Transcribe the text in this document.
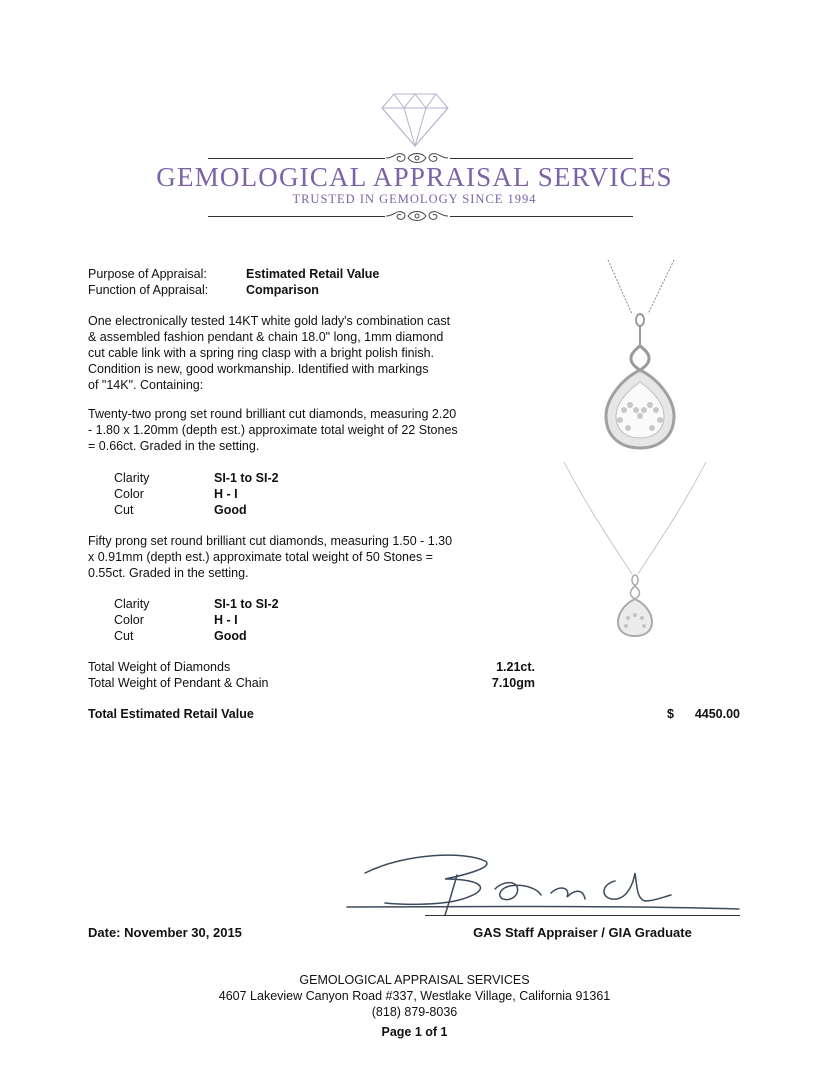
GEMOLOGICAL APPRAISAL SERVICES
TRUSTED IN GEMOLOGY SINCE 1994
Purpose of Appraisal:	Estimated Retail Value
Function of Appraisal:	Comparison
One electronically tested 14KT white gold lady's combination cast
& assembled fashion pendant & chain 18.0" long, 1mm diamond
cut cable link with a spring ring clasp with a bright polish finish.
Condition is new, good workmanship. Identified with markings
of "14K". Containing:
Twenty-two prong set round brilliant cut diamonds, measuring 2.20
- 1.80 x 1.20mm (depth est.) approximate total weight of 22 Stones
= 0.66ct. Graded in the setting.
Clarity	SI-1 to SI-2
Color	H - I
Cut	Good
Fifty prong set round brilliant cut diamonds, measuring 1.50 - 1.30
x 0.91mm (depth est.) approximate total weight of 50 Stones =
0.55ct. Graded in the setting.
Clarity	SI-1 to SI-2
Color	H - I
Cut	Good
Total Weight of Diamonds	1.21ct.
Total Weight of Pendant & Chain	7.10gm
Total Estimated Retail Value	$	4450.00
Date: November 30, 2015	GAS Staff Appraiser / GIA Graduate
GEMOLOGICAL APPRAISAL SERVICES
4607 Lakeview Canyon Road #337, Westlake Village, California 91361
(818) 879-8036
Page 1 of 1
